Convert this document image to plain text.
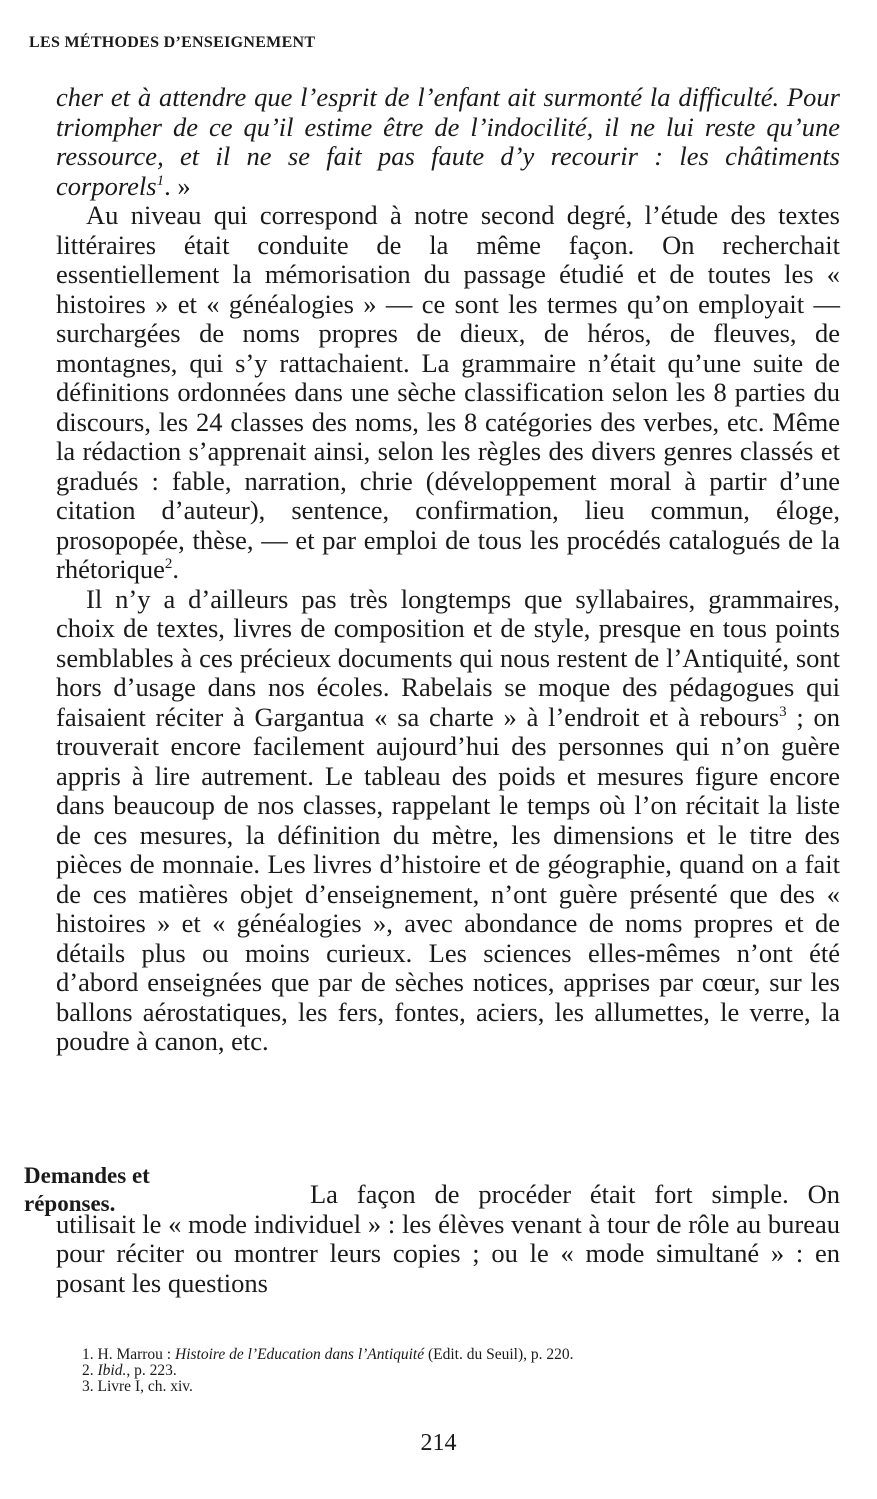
LES MÉTHODES D’ENSEIGNEMENT

cher et à attendre que l’esprit de l’enfant ait surmonté la difficulté. Pour triompher de ce qu’il estime être de l’indocilité, il ne lui reste qu’une ressource, et il ne se fait pas faute d’y recourir : les châtiments corporels$^1$. »

Au niveau qui correspond à notre second degré, l’étude des textes littéraires était conduite de la même façon. On recherchait essentiellement la mémorisation du passage étudié et de toutes les « histoires » et « généalogies » — ce sont les termes qu’on employait — surchargées de noms propres de dieux, de héros, de fleuves, de montagnes, qui s’y rattachaient. La grammaire n’était qu’une suite de définitions ordonnées dans une sèche classification selon les 8 parties du discours, les 24 classes des noms, les 8 catégories des verbes, etc. Même la rédaction s’apprenait ainsi, selon les règles des divers genres classés et gradués : fable, narration, chrie (développement moral à partir d’une citation d’auteur), sentence, confirmation, lieu commun, éloge, prosopopée, thèse, — et par emploi de tous les procédés catalogués de la rhétorique$^2$.

Il n’y a d’ailleurs pas très longtemps que syllabaires, grammaires, choix de textes, livres de composition et de style, presque en tous points semblables à ces précieux documents qui nous restent de l’Antiquité, sont hors d’usage dans nos écoles. Rabelais se moque des pédagogues qui faisaient réciter à Gargantua « sa charte » à l’endroit et à rebours$^3$ ; on trouverait encore facilement aujourd’hui des personnes qui n’on guère appris à lire autrement. Le tableau des poids et mesures figure encore dans beaucoup de nos classes, rappelant le temps où l’on récitait la liste de ces mesures, la définition du mètre, les dimensions et le titre des pièces de monnaie. Les livres d’histoire et de géographie, quand on a fait de ces matières objet d’enseignement, n’ont guère présenté que des « histoires » et « généalogies », avec abondance de noms propres et de détails plus ou moins curieux. Les sciences elles-mêmes n’ont été d’abord enseignées que par de sèches notices, apprises par cœur, sur les ballons aérostatiques, les fers, fontes, aciers, les allumettes, le verre, la poudre à canon, etc.

Demandes et
réponses.	La façon de procéder était fort simple. On utilisait le « mode individuel » : les élèves venant à tour de rôle au bureau pour réciter ou montrer leurs copies ; ou le « mode simultané » : en posant les questions

1. H. Marrou : Histoire de l’Education dans l’Antiquité (Edit. du Seuil), p. 220.
2. Ibid., p. 223.
3. Livre I, ch. xiv.
214
